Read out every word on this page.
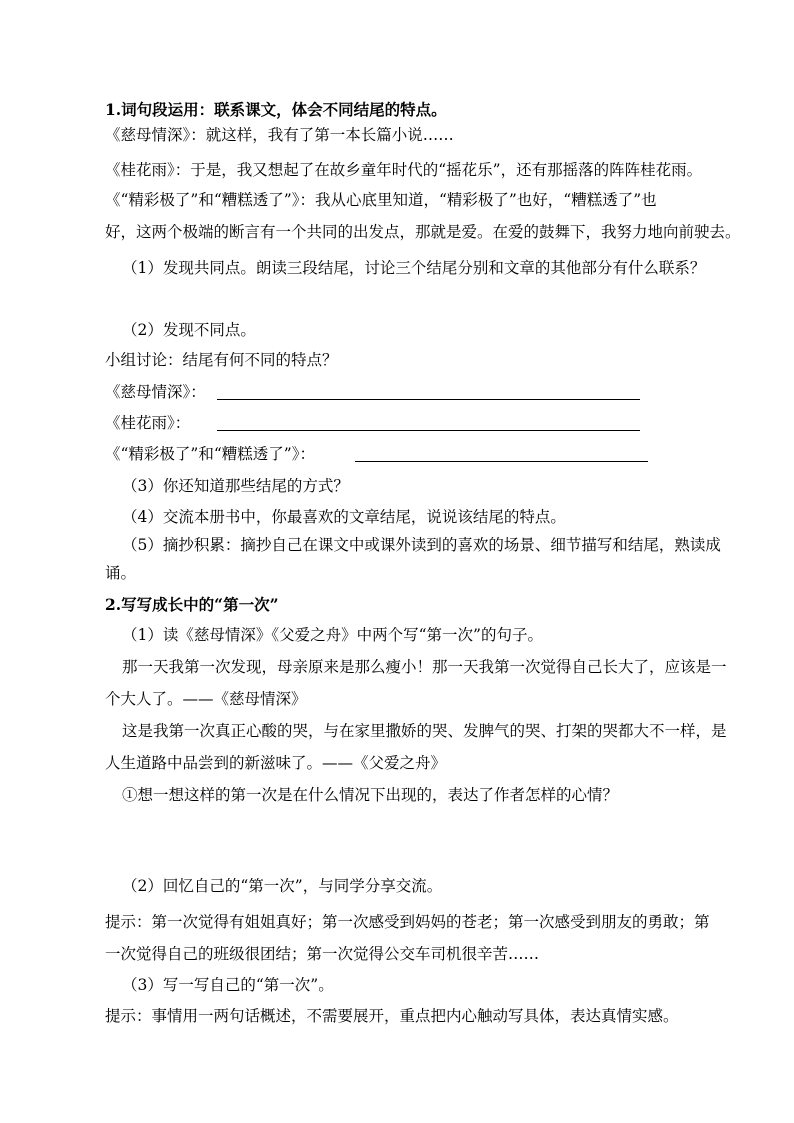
1.词句段运用：联系课文，体会不同结尾的特点。
《慈母情深》：就这样，我有了第一本长篇小说……
《桂花雨》：于是，我又想起了在故乡童年时代的“摇花乐”，还有那摇落的阵阵桂花雨。
《“精彩极了”和“糟糕透了”》：我从心底里知道，“精彩极了”也好，“糟糕透了”也
好，这两个极端的断言有一个共同的出发点，那就是爱。在爱的鼓舞下，我努力地向前驶去。
（1）发现共同点。朗读三段结尾，讨论三个结尾分别和文章的其他部分有什么联系？
（2）发现不同点。
小组讨论：结尾有何不同的特点？
《慈母情深》：
《桂花雨》：
《“精彩极了”和“糟糕透了”》：
（3）你还知道那些结尾的方式？
（4）交流本册书中，你最喜欢的文章结尾，说说该结尾的特点。
（5）摘抄积累：摘抄自己在课文中或课外读到的喜欢的场景、细节描写和结尾，熟读成
诵。
2.写写成长中的“第一次”
（1）读《慈母情深》《父爱之舟》中两个写“第一次”的句子。
那一天我第一次发现，母亲原来是那么瘦小！那一天我第一次觉得自己长大了，应该是一
个大人了。——《慈母情深》
这是我第一次真正心酸的哭，与在家里撒娇的哭、发脾气的哭、打架的哭都大不一样，是
人生道路中品尝到的新滋味了。——《父爱之舟》
①想一想这样的第一次是在什么情况下出现的，表达了作者怎样的心情？
（2）回忆自己的“第一次”，与同学分享交流。
提示：第一次觉得有姐姐真好；第一次感受到妈妈的苍老；第一次感受到朋友的勇敢；第
一次觉得自己的班级很团结；第一次觉得公交车司机很辛苦……
（3）写一写自己的“第一次”。
提示：事情用一两句话概述，不需要展开，重点把内心触动写具体，表达真情实感。
